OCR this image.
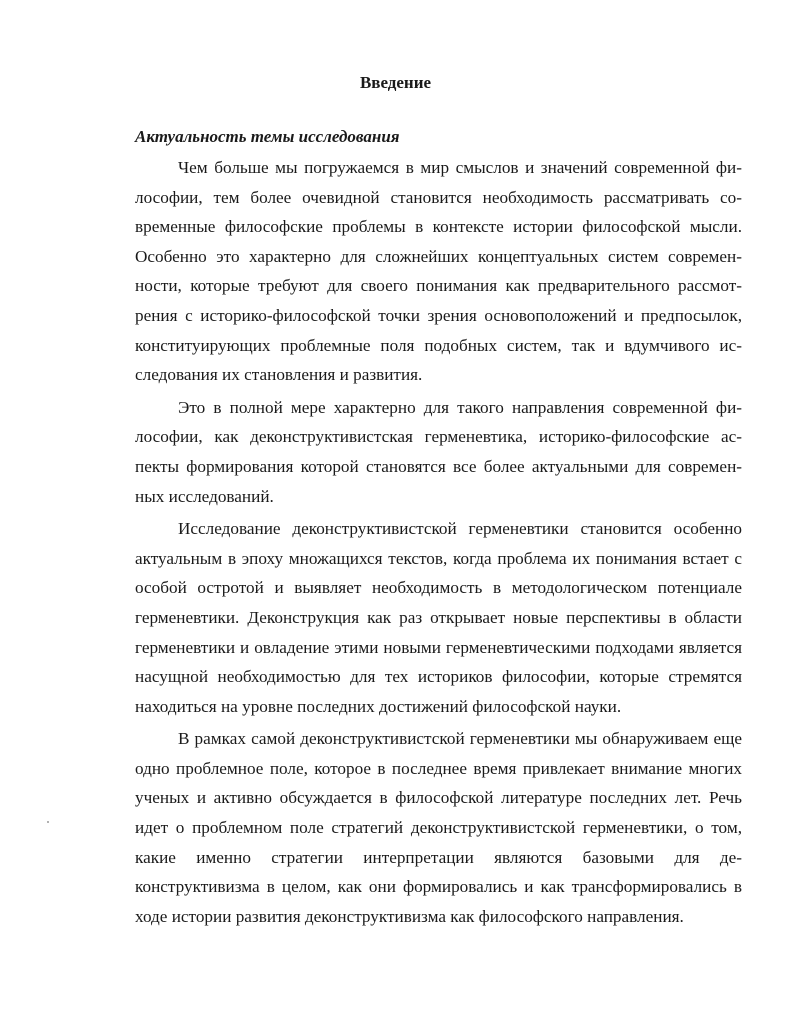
Введение
Актуальность темы исследования

Чем больше мы погружаемся в мир смыслов и значений современной философии, тем более очевидной становится необходимость рассматривать современные философские проблемы в контексте истории философской мысли. Особенно это характерно для сложнейших концептуальных систем современности, которые требуют для своего понимания как предварительного рассмотрения с историко-философской точки зрения основоположений и предпосылок, конституирующих проблемные поля подобных систем, так и вдумчивого исследования их становления и развития.

Это в полной мере характерно для такого направления современной философии, как деконструктивистская герменевтика, историко-философские аспекты формирования которой становятся все более актуальными для современных исследований.

Исследование деконструктивистской герменевтики становится особенно актуальным в эпоху множащихся текстов, когда проблема их понимания встает с особой остротой и выявляет необходимость в методологическом потенциале герменевтики. Деконструкция как раз открывает новые перспективы в области герменевтики и овладение этими новыми герменевтическими подходами является насущной необходимостью для тех историков философии, которые стремятся находиться на уровне последних достижений философской науки.

В рамках самой деконструктивистской герменевтики мы обнаруживаем еще одно проблемное поле, которое в последнее время привлекает внимание многих ученых и активно обсуждается в философской литературе последних лет. Речь идет о проблемном поле стратегий деконструктивистской герменевтики, о том, какие именно стратегии интерпретации являются базовыми для деконструктивизма в целом, как они формировались и как трансформировались в ходе истории развития деконструктивизма как философского направления.
